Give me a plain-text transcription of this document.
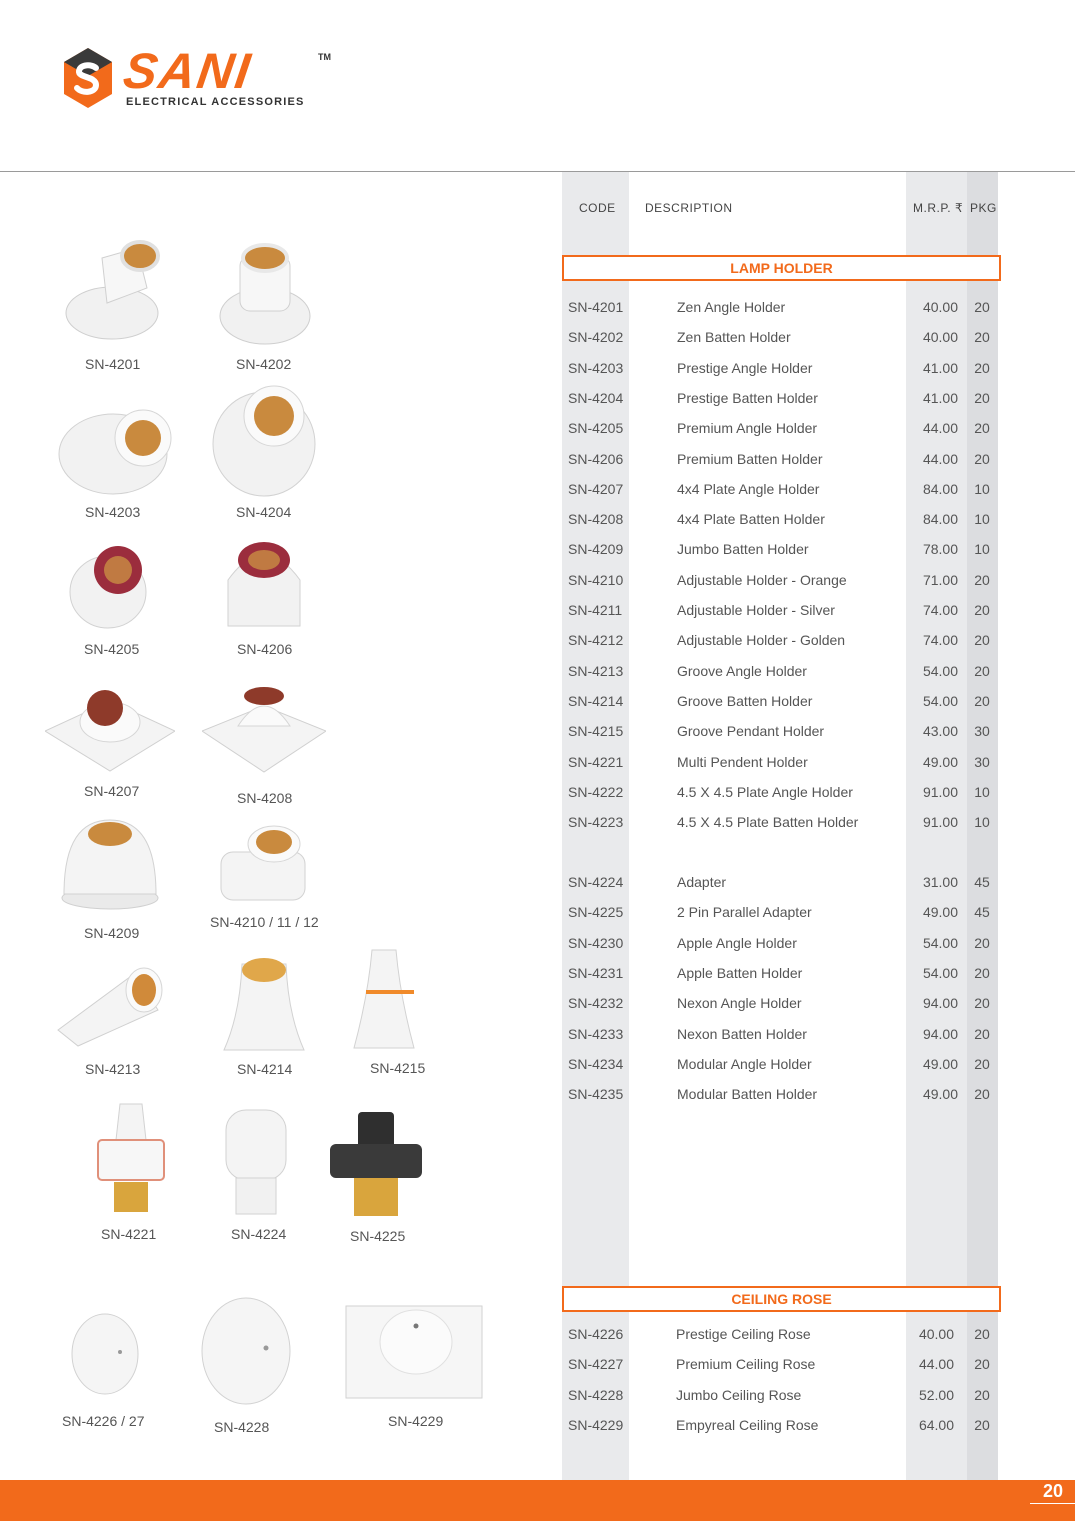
SANI	TM
ELECTRICAL ACCESSORIES
CODE DESCRIPTION	M.R.P. ₹ PKG
LAMP HOLDER
SN-4201	Zen Angle Holder	40.00 20
SN-4202	Zen Batten Holder	40.00 20
SN-4203	Prestige Angle Holder	41.00 20
SN-4204	Prestige Batten Holder	41.00 20
SN-4205	Premium Angle Holder	44.00 20
SN-4206	Premium Batten Holder	44.00 20
SN-4207	4x4 Plate Angle Holder	84.00 10
SN-4208	4x4 Plate Batten Holder	84.00 10
SN-4209	Jumbo Batten Holder	78.00 10
SN-4210	Adjustable Holder - Orange	71.00 20
SN-4211	Adjustable Holder - Silver	74.00 20
SN-4212	Adjustable Holder - Golden	74.00 20
SN-4213	Groove Angle Holder	54.00 20
SN-4214	Groove Batten Holder	54.00 20
SN-4215	Groove Pendant Holder	43.00 30
SN-4221	Multi Pendent Holder	49.00 30
SN-4222	4.5 X 4.5 Plate Angle Holder	91.00 10
SN-4223	4.5 X 4.5 Plate Batten Holder	91.00 10
SN-4224	Adapter	31.00 45
SN-4225	2 Pin Parallel Adapter	49.00 45
SN-4230	Apple Angle Holder	54.00 20
SN-4231	Apple Batten Holder	54.00 20
SN-4232	Nexon Angle Holder	94.00 20
SN-4233	Nexon Batten Holder	94.00 20
SN-4234	Modular Angle Holder	49.00 20
SN-4235	Modular Batten Holder	49.00 20
CEILING ROSE
SN-4226	Prestige Ceiling Rose	40.00 20
SN-4227	Premium Ceiling Rose	44.00 20
SN-4228	Jumbo Ceiling Rose	52.00 20
SN-4229	Empyreal Ceiling Rose	64.00 20
SN-4201	SN-4202
SN-4203	SN-4204
SN-4205	SN-4206
SN-4207	SN-4208
SN-4209
SN-4210 / 11 / 12
SN-4213	SN-4214	SN-4215
SN-4221	SN-4224	SN-4225
SN-4226 / 27	SN-4228	SN-4229
20
